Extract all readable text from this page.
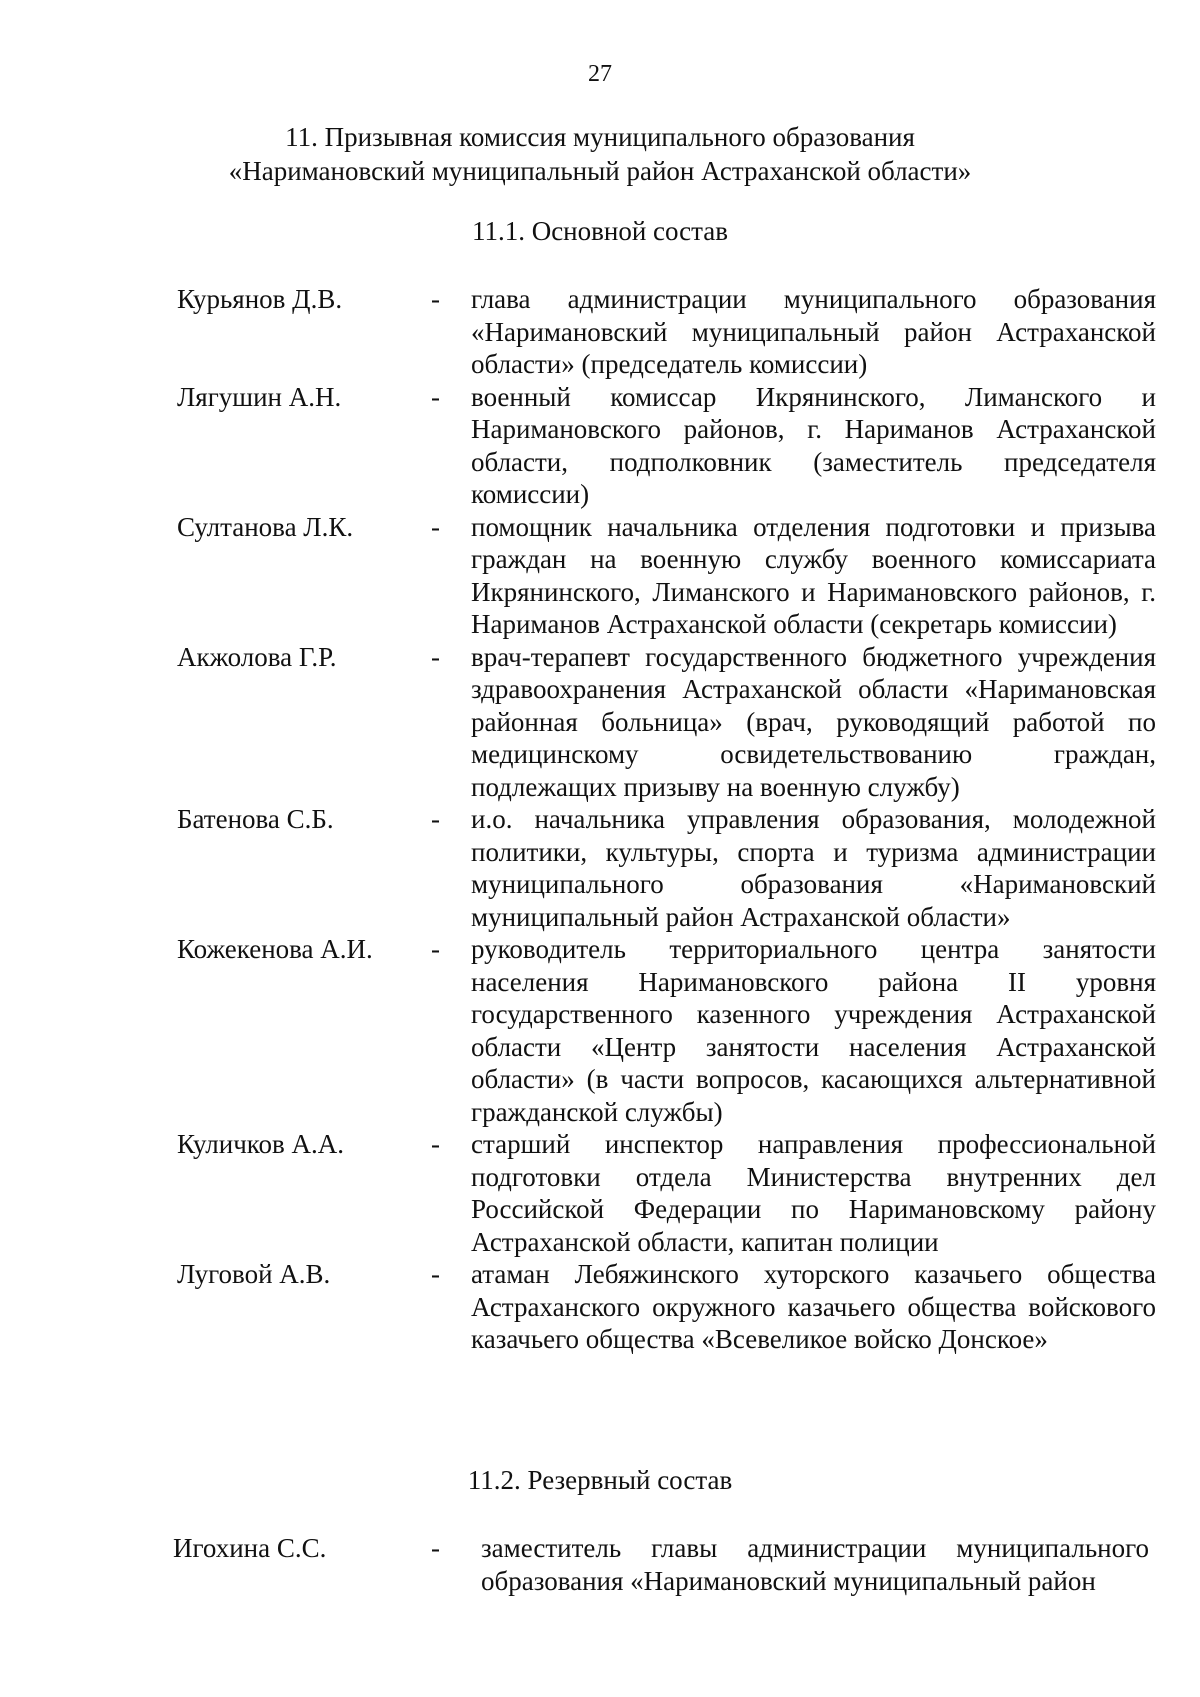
27
11. Призывная комиссия муниципального образования
«Наримановский муниципальный район Астраханской области»
11.1. Основной состав
Курьянов Д.В.	- глава администрации муниципального образования «Наримановский муниципальный район Астраханской области» (председатель комиссии)
Лягушин А.Н.	- военный комиссар Икрянинского, Лиманского и Наримановского районов, г. Нариманов Астраханской области, подполковник (заместитель председателя комиссии)
Султанова Л.К.	- помощник начальника отделения подготовки и призыва граждан на военную службу военного комиссариата Икрянинского, Лиманского и Наримановского районов, г. Нариманов Астраханской области (секретарь комиссии)
Акжолова Г.Р.	- врач-терапевт государственного бюджетного учреждения здравоохранения Астраханской области «Наримановская районная больница» (врач, руководящий работой по медицинскому освидетельствованию граждан, подлежащих призыву на военную службу)
Батенова С.Б.	- и.о. начальника управления образования, молодежной политики, культуры, спорта и туризма администрации муниципального образования «Наримановский муниципальный район Астраханской области»
Кожекенова А.И. - руководитель территориального центра занятости населения Наримановского района II уровня государственного казенного учреждения Астраханской области «Центр занятости населения Астраханской области» (в части вопросов, касающихся альтернативной гражданской службы)
Куличков А.А.	- старший инспектор направления профессиональной подготовки отдела Министерства внутренних дел Российской Федерации по Наримановскому району Астраханской области, капитан полиции
Луговой А.В.	- атаман Лебяжинского хуторского казачьего общества Астраханского окружного казачьего общества войскового казачьего общества «Всевеликое войско Донское»
11.2. Резервный состав
Игохина С.С.	- заместитель главы администрации муниципального образования «Наримановский муниципальный район
